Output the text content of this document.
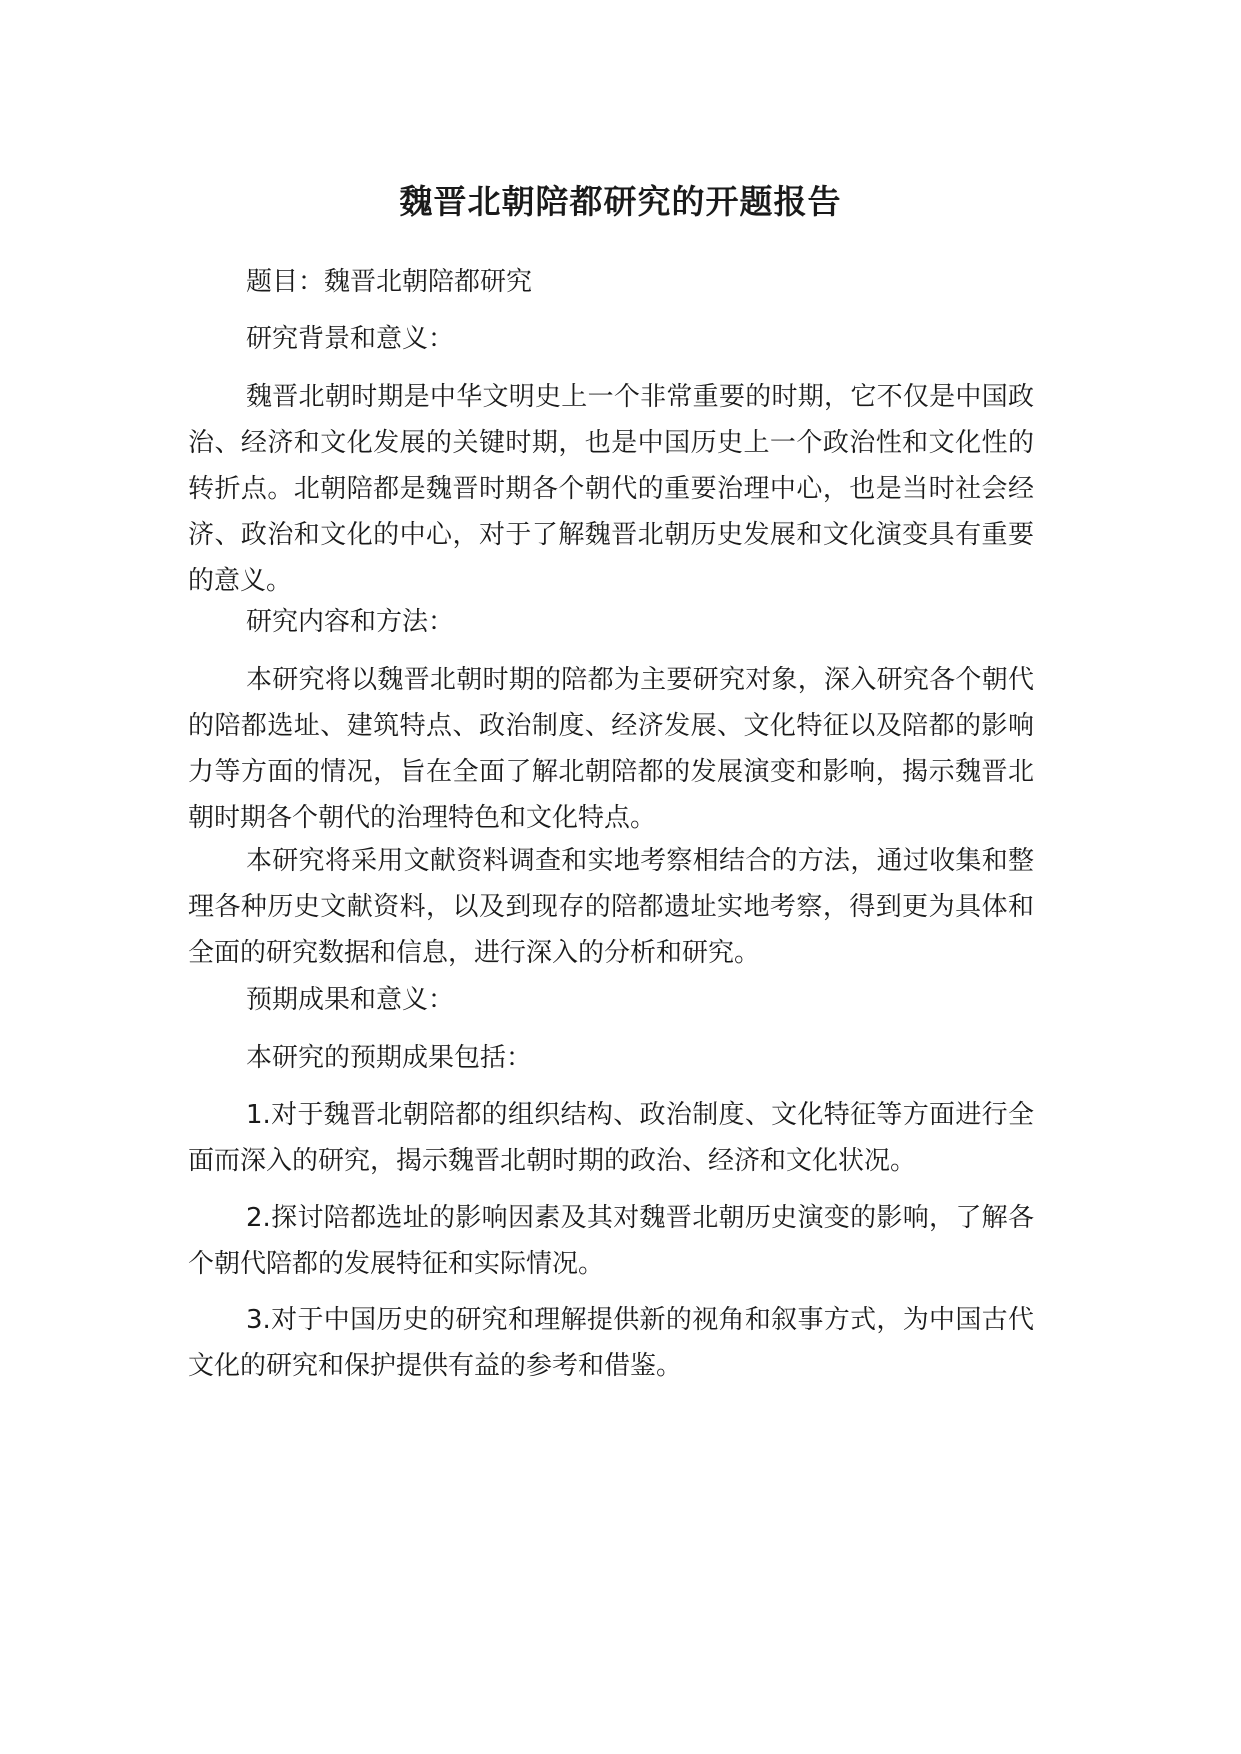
魏晋北朝陪都研究的开题报告

题目：魏晋北朝陪都研究

研究背景和意义：

魏晋北朝时期是中华文明史上一个非常重要的时期，它不仅是中国政治、经济和文化发展的关键时期，也是中国历史上一个政治性和文化性的转折点。北朝陪都是魏晋时期各个朝代的重要治理中心，也是当时社会经济、政治和文化的中心，对于了解魏晋北朝历史发展和文化演变具有重要的意义。

研究内容和方法：

本研究将以魏晋北朝时期的陪都为主要研究对象，深入研究各个朝代的陪都选址、建筑特点、政治制度、经济发展、文化特征以及陪都的影响力等方面的情况，旨在全面了解北朝陪都的发展演变和影响，揭示魏晋北朝时期各个朝代的治理特色和文化特点。

本研究将采用文献资料调查和实地考察相结合的方法，通过收集和整理各种历史文献资料，以及到现存的陪都遗址实地考察，得到更为具体和全面的研究数据和信息，进行深入的分析和研究。

预期成果和意义：

本研究的预期成果包括：

1.对于魏晋北朝陪都的组织结构、政治制度、文化特征等方面进行全面而深入的研究，揭示魏晋北朝时期的政治、经济和文化状况。

2.探讨陪都选址的影响因素及其对魏晋北朝历史演变的影响，了解各个朝代陪都的发展特征和实际情况。

3.对于中国历史的研究和理解提供新的视角和叙事方式，为中国古代文化的研究和保护提供有益的参考和借鉴。
